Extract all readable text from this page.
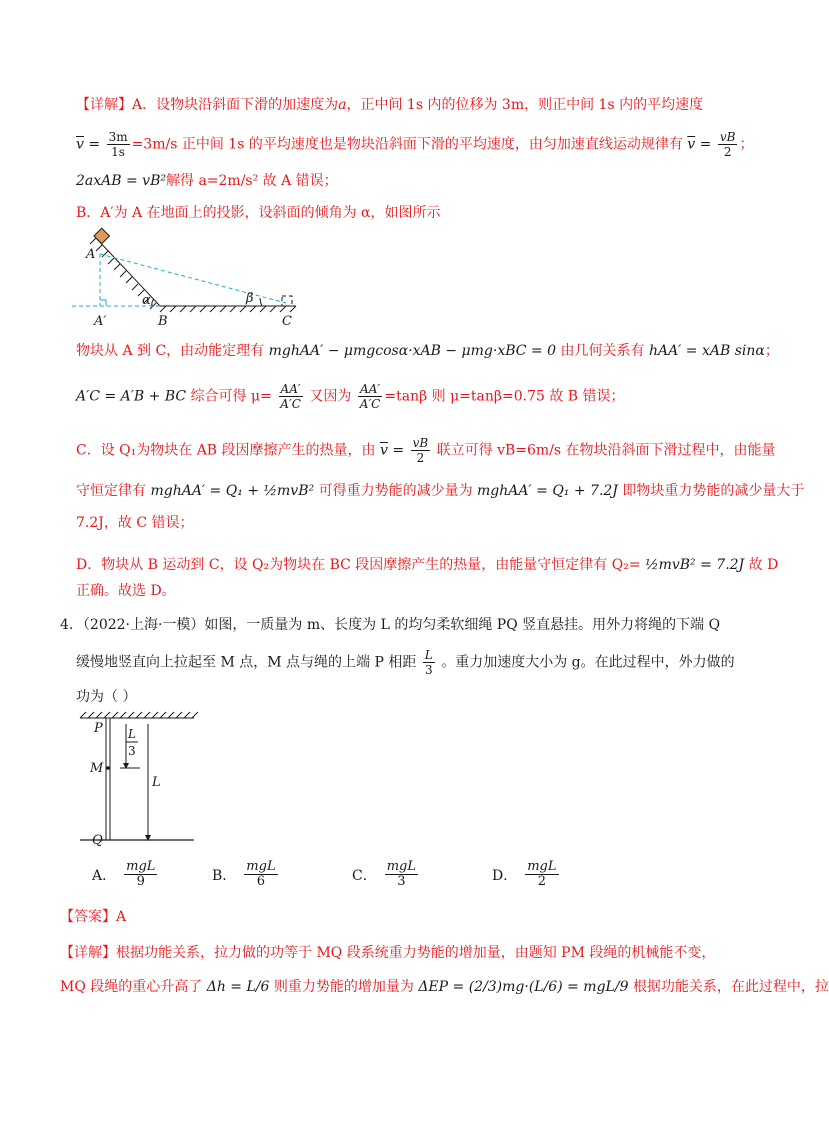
【详解】A．设物块沿斜面下滑的加速度为a，正中间 1s 内的位移为 3m，则正中间 1s 内的平均速度
$\overline{v} = \frac{3m}{1s} =3m/s$ 正中间 1s 的平均速度也是物块沿斜面下滑的平均速度，由匀加速直线运动规律有 $\overline{v} = \frac{vB}{2}$ ；
2axAB = vB²解得 a=2m/s² 故 A 错误；
B．A′为 A 在地面上的投影，设斜面的倾角为 α，如图所示
A
α	β
A′	B	C
物块从 A 到 C，由动能定理有 mghAA′ − μmgcosα·xAB − μmg·xBC = 0 由几何关系有 hAA′ = xAB sinα；
A′C = A′B + BC 综合可得 $\mu= \frac{AA'}{A'C}$ 又因为 $\frac{AA'}{A'C} =\tan\beta$ 则 μ=tanβ=0.75 故 B 错误；
C．设 Q₁为物块在 AB 段因摩擦产生的热量，由 $\overline{v} = \frac{vB}{2}$ 联立可得 vB=6m/s 在物块沿斜面下滑过程中，由能量
守恒定律有 mghAA′ = Q₁ + ½mvB² 可得重力势能的减少量为 mghAA′ = Q₁ + 7.2J 即物块重力势能的减少量大于
7.2J，故 C 错误；
D．物块从 B 运动到 C，设 Q₂为物块在 BC 段因摩擦产生的热量，由能量守恒定律有 Q₂= ½mvB² = 7.2J 故 D
正确。故选 D。
4．（2022·上海·一模）如图，一质量为 m、长度为 L 的均匀柔软细绳 PQ 竖直悬挂。用外力将绳的下端 Q
缓慢地竖直向上拉起至 M 点，M 点与绳的上端 P 相距 $\frac{L}{3}$ 。重力加速度大小为 g。在此过程中，外力做的
功为（ ）
P
M
Q
L
3
L
A． $\frac{\text{mgL}}{9}$	B． $\frac{\text{mgL}}{6}$	C． $\frac{\text{mgL}}{3}$	D． $\frac{\text{mgL}}{2}$
【答案】A
【详解】根据功能关系，拉力做的功等于 MQ 段系统重力势能的增加量，由题知 PM 段绳的机械能不变，
MQ 段绳的重心升高了 Δh = L/6 则重力势能的增加量为 ΔEP = (2/3)mg·(L/6) = mgL/9 根据功能关系，在此过程中，拉
